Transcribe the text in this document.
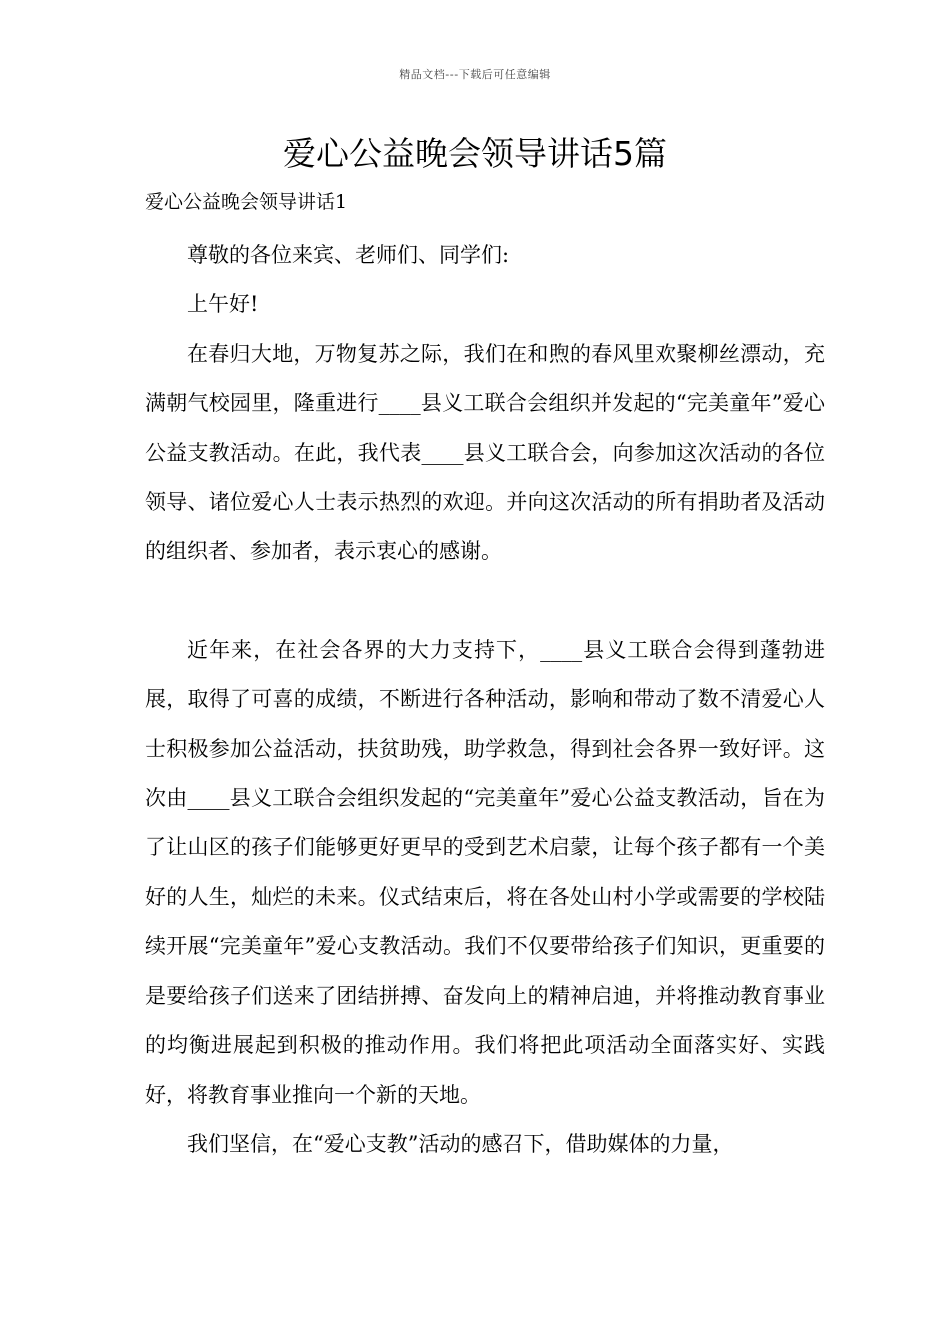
精品文档---下载后可任意编辑
爱心公益晚会领导讲话5篇

爱心公益晚会领导讲话1

尊敬的各位来宾、老师们、同学们:

上午好!

在春归大地，万物复苏之际，我们在和煦的春风里欢聚柳丝漂动，充满朝气校园里，隆重进行____县义工联合会组织并发起的“完美童年”爱心公益支教活动。在此，我代表____县义工联合会，向参加这次活动的各位领导、诸位爱心人士表示热烈的欢迎。并向这次活动的所有捐助者及活动的组织者、参加者，表示衷心的感谢。

近年来，在社会各界的大力支持下，____县义工联合会得到蓬勃进展，取得了可喜的成绩，不断进行各种活动，影响和带动了数不清爱心人士积极参加公益活动，扶贫助残，助学救急，得到社会各界一致好评。这次由____县义工联合会组织发起的“完美童年”爱心公益支教活动，旨在为了让山区的孩子们能够更好更早的受到艺术启蒙，让每个孩子都有一个美好的人生，灿烂的未来。仪式结束后，将在各处山村小学或需要的学校陆续开展“完美童年”爱心支教活动。我们不仅要带给孩子们知识，更重要的是要给孩子们送来了团结拼搏、奋发向上的精神启迪，并将推动教育事业的均衡进展起到积极的推动作用。我们将把此项活动全面落实好、实践好，将教育事业推向一个新的天地。

我们坚信，在“爱心支教”活动的感召下，借助媒体的力量，
